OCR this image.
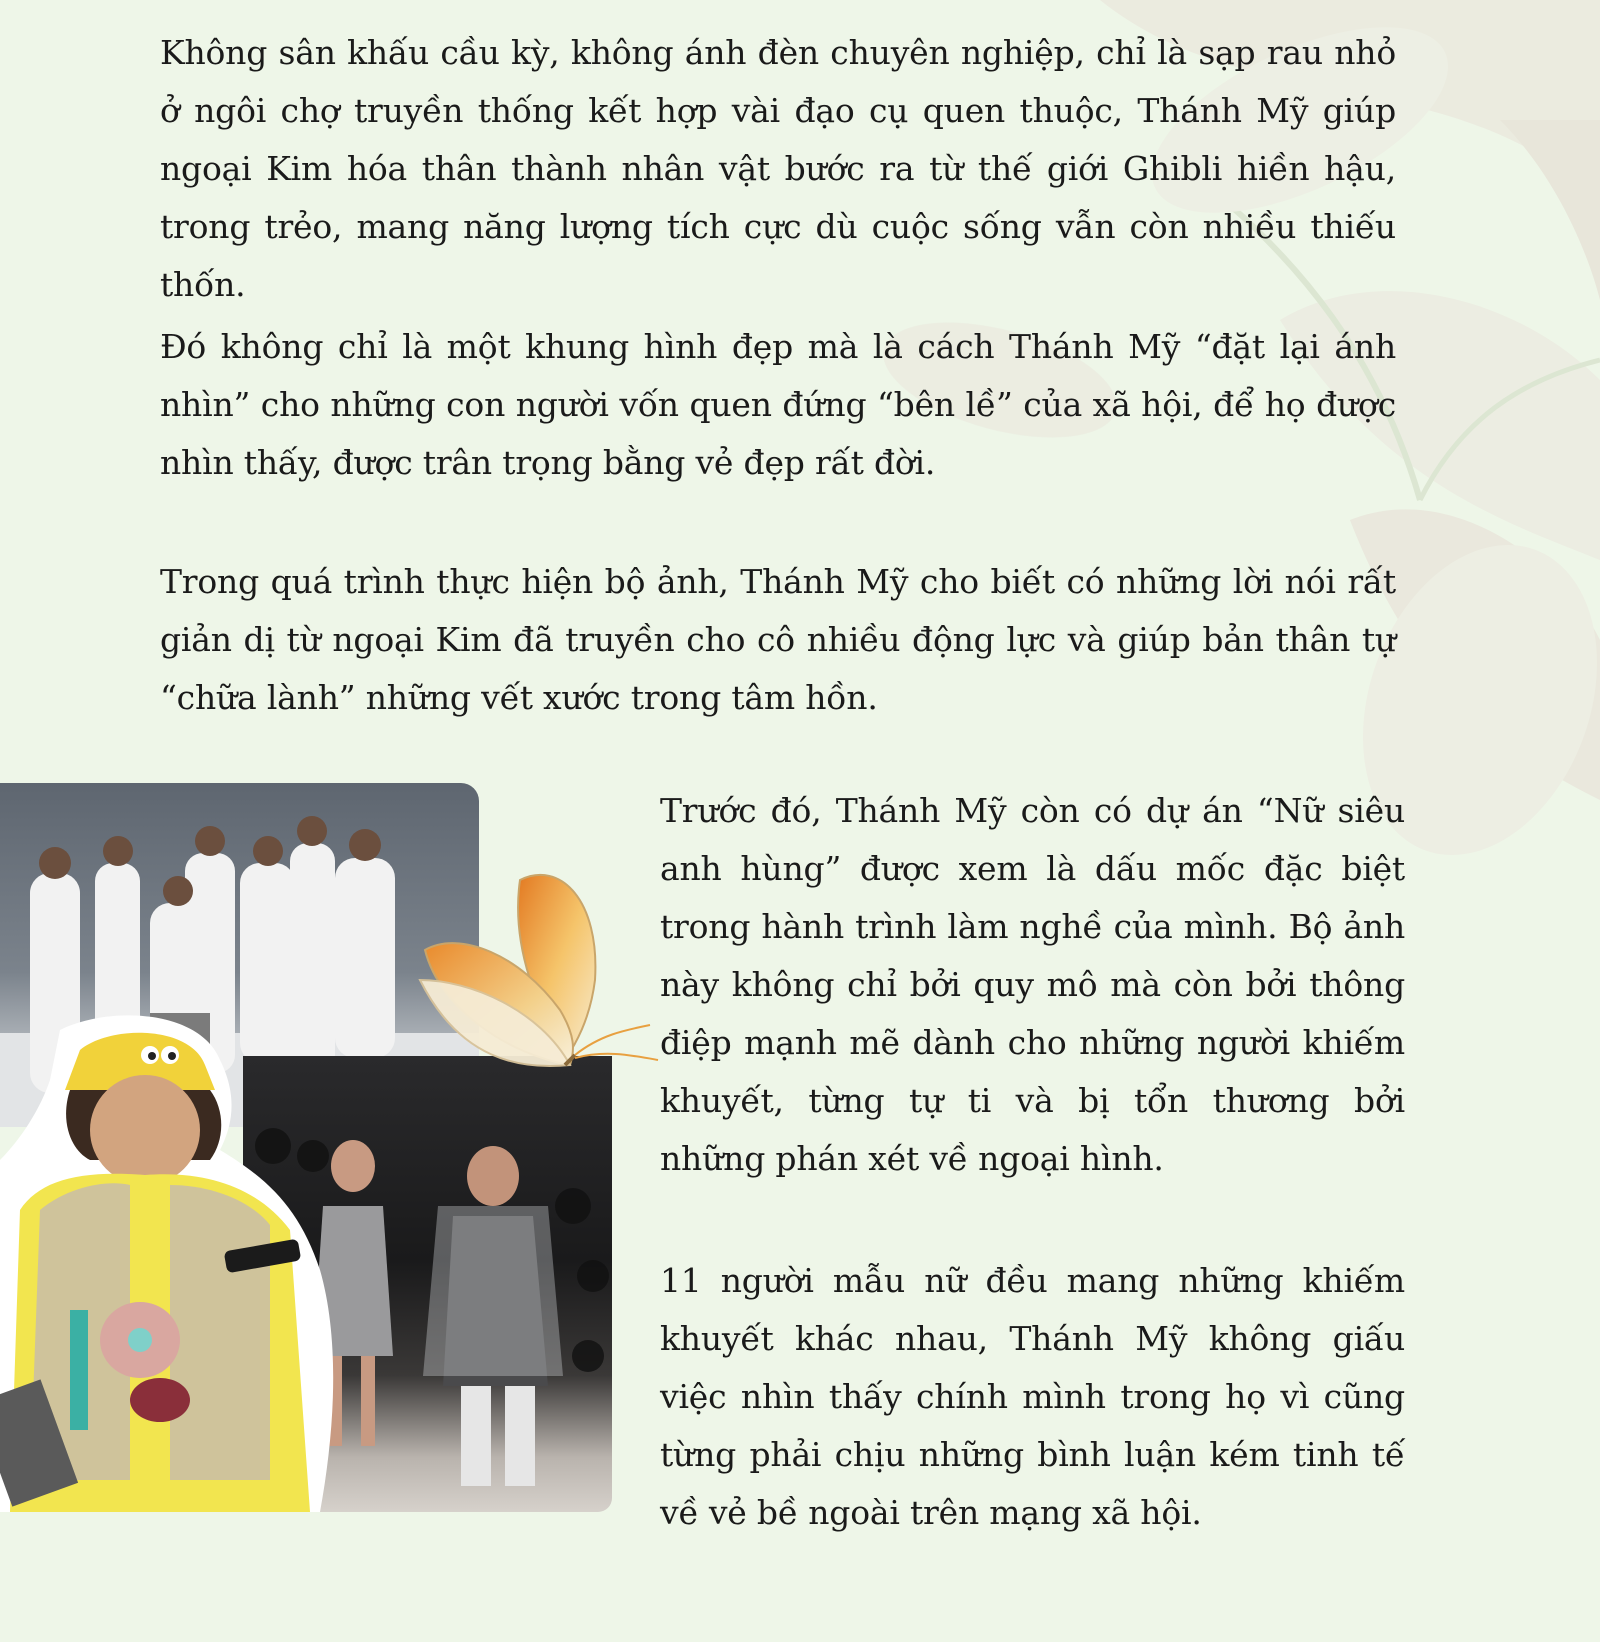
Không sân khấu cầu kỳ, không ánh đèn chuyên nghiệp, chỉ là sạp rau nhỏ ở ngôi chợ truyền thống kết hợp vài đạo cụ quen thuộc, Thánh Mỹ giúp ngoại Kim hóa thân thành nhân vật bước ra từ thế giới Ghibli hiền hậu, trong trẻo, mang năng lượng tích cực dù cuộc sống vẫn còn nhiều thiếu thốn.

Đó không chỉ là một khung hình đẹp mà là cách Thánh Mỹ “đặt lại ánh nhìn” cho những con người vốn quen đứng “bên lề” của xã hội, để họ được nhìn thấy, được trân trọng bằng vẻ đẹp rất đời.

Trong quá trình thực hiện bộ ảnh, Thánh Mỹ cho biết có những lời nói rất giản dị từ ngoại Kim đã truyền cho cô nhiều động lực và giúp bản thân tự “chữa lành” những vết xước trong tâm hồn.

Trước đó, Thánh Mỹ còn có dự án “Nữ siêu anh hùng” được xem là dấu mốc đặc biệt trong hành trình làm nghề của mình. Bộ ảnh này không chỉ bởi quy mô mà còn bởi thông điệp mạnh mẽ dành cho những người khiếm khuyết, từng tự ti và bị tổn thương bởi những phán xét về ngoại hình.

11 người mẫu nữ đều mang những khiếm khuyết khác nhau, Thánh Mỹ không giấu việc nhìn thấy chính mình trong họ vì cũng từng phải chịu những bình luận kém tinh tế về vẻ bề ngoài trên mạng xã hội.
